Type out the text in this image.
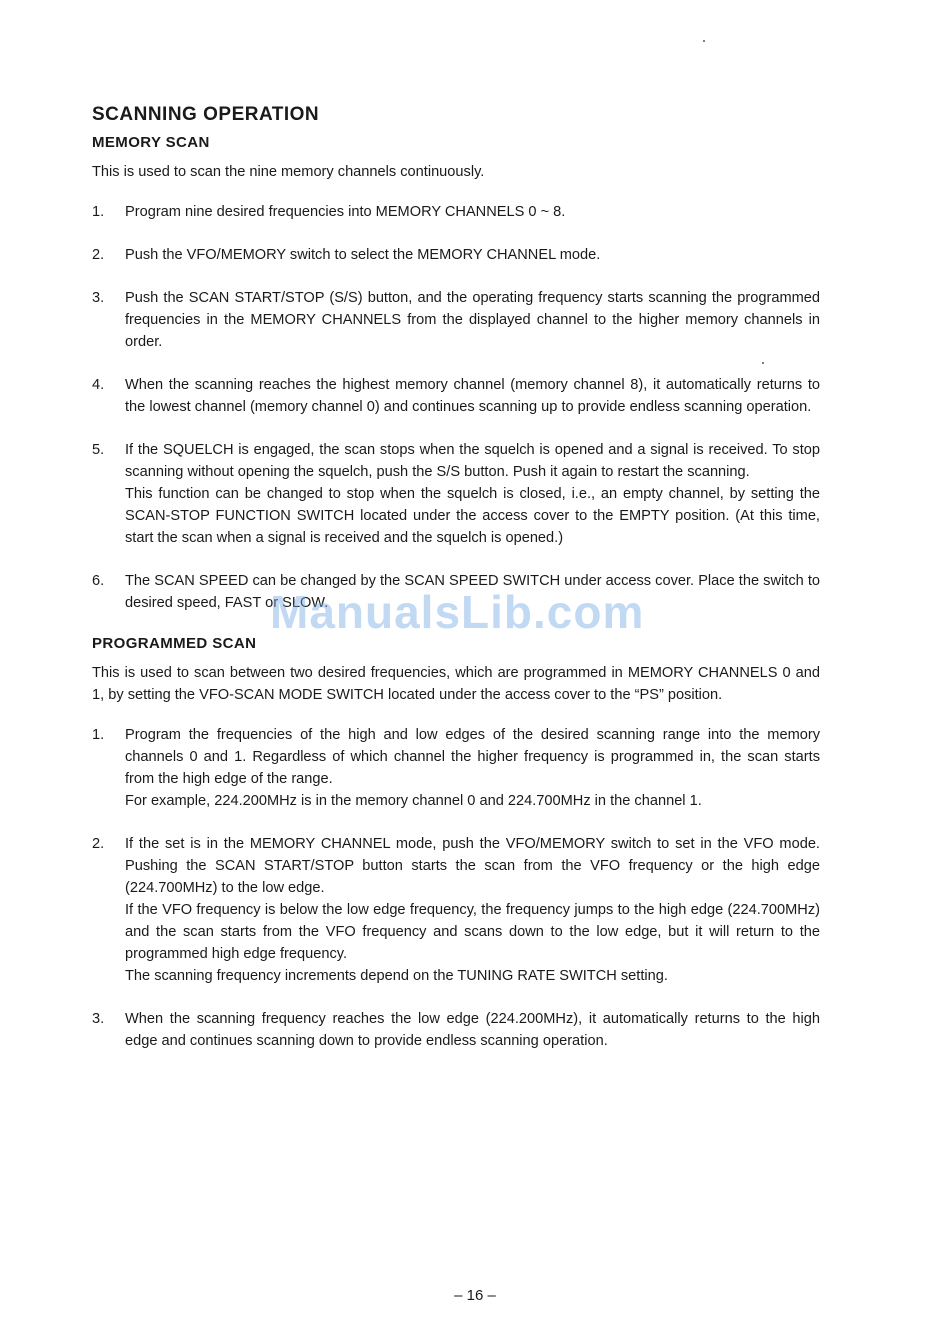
SCANNING OPERATION
MEMORY SCAN

This is used to scan the nine memory channels continuously.

1.	Program nine desired frequencies into MEMORY CHANNELS 0 ~ 8.

2.	Push the VFO/MEMORY switch to select the MEMORY CHANNEL mode.

3.	Push the SCAN START/STOP (S/S) button, and the operating frequency starts scanning the programmed frequencies in the MEMORY CHANNELS from the displayed channel to the higher memory channels in order.

4.	When the scanning reaches the highest memory channel (memory channel 8), it automatically returns to the lowest channel (memory channel 0) and continues scanning up to provide endless scanning operation.

5.	If the SQUELCH is engaged, the scan stops when the squelch is opened and a signal is received. To stop scanning without opening the squelch, push the S/S button. Push it again to restart the scanning.

This function can be changed to stop when the squelch is closed, i.e., an empty channel, by setting the SCAN-STOP FUNCTION SWITCH located under the access cover to the EMPTY position. (At this time, start the scan when a signal is received and the squelch is opened.)

6.	The SCAN SPEED can be changed by the SCAN SPEED SWITCH under access cover. Place the switch to desired speed, FAST or SLOW.

PROGRAMMED SCAN

This is used to scan between two desired frequencies, which are programmed in MEMORY CHANNELS 0 and 1, by setting the VFO-SCAN MODE SWITCH located under the access cover to the “PS” position.

1.	Program the frequencies of the high and low edges of the desired scanning range into the memory channels 0 and 1. Regardless of which channel the higher frequency is programmed in, the scan starts from the high edge of the range.

For example, 224.200MHz is in the memory channel 0 and 224.700MHz in the channel 1.

2.	If the set is in the MEMORY CHANNEL mode, push the VFO/MEMORY switch to set in the VFO mode. Pushing the SCAN START/STOP button starts the scan from the VFO frequency or the high edge (224.700MHz) to the low edge.

If the VFO frequency is below the low edge frequency, the frequency jumps to the high edge (224.700MHz) and the scan starts from the VFO frequency and scans down to the low edge, but it will return to the programmed high edge frequency.

The scanning frequency increments depend on the TUNING RATE SWITCH setting.

3.	When the scanning frequency reaches the low edge (224.200MHz), it automatically returns to the high edge and continues scanning down to provide endless scanning operation.

ManualsLib.com
– 16 –
